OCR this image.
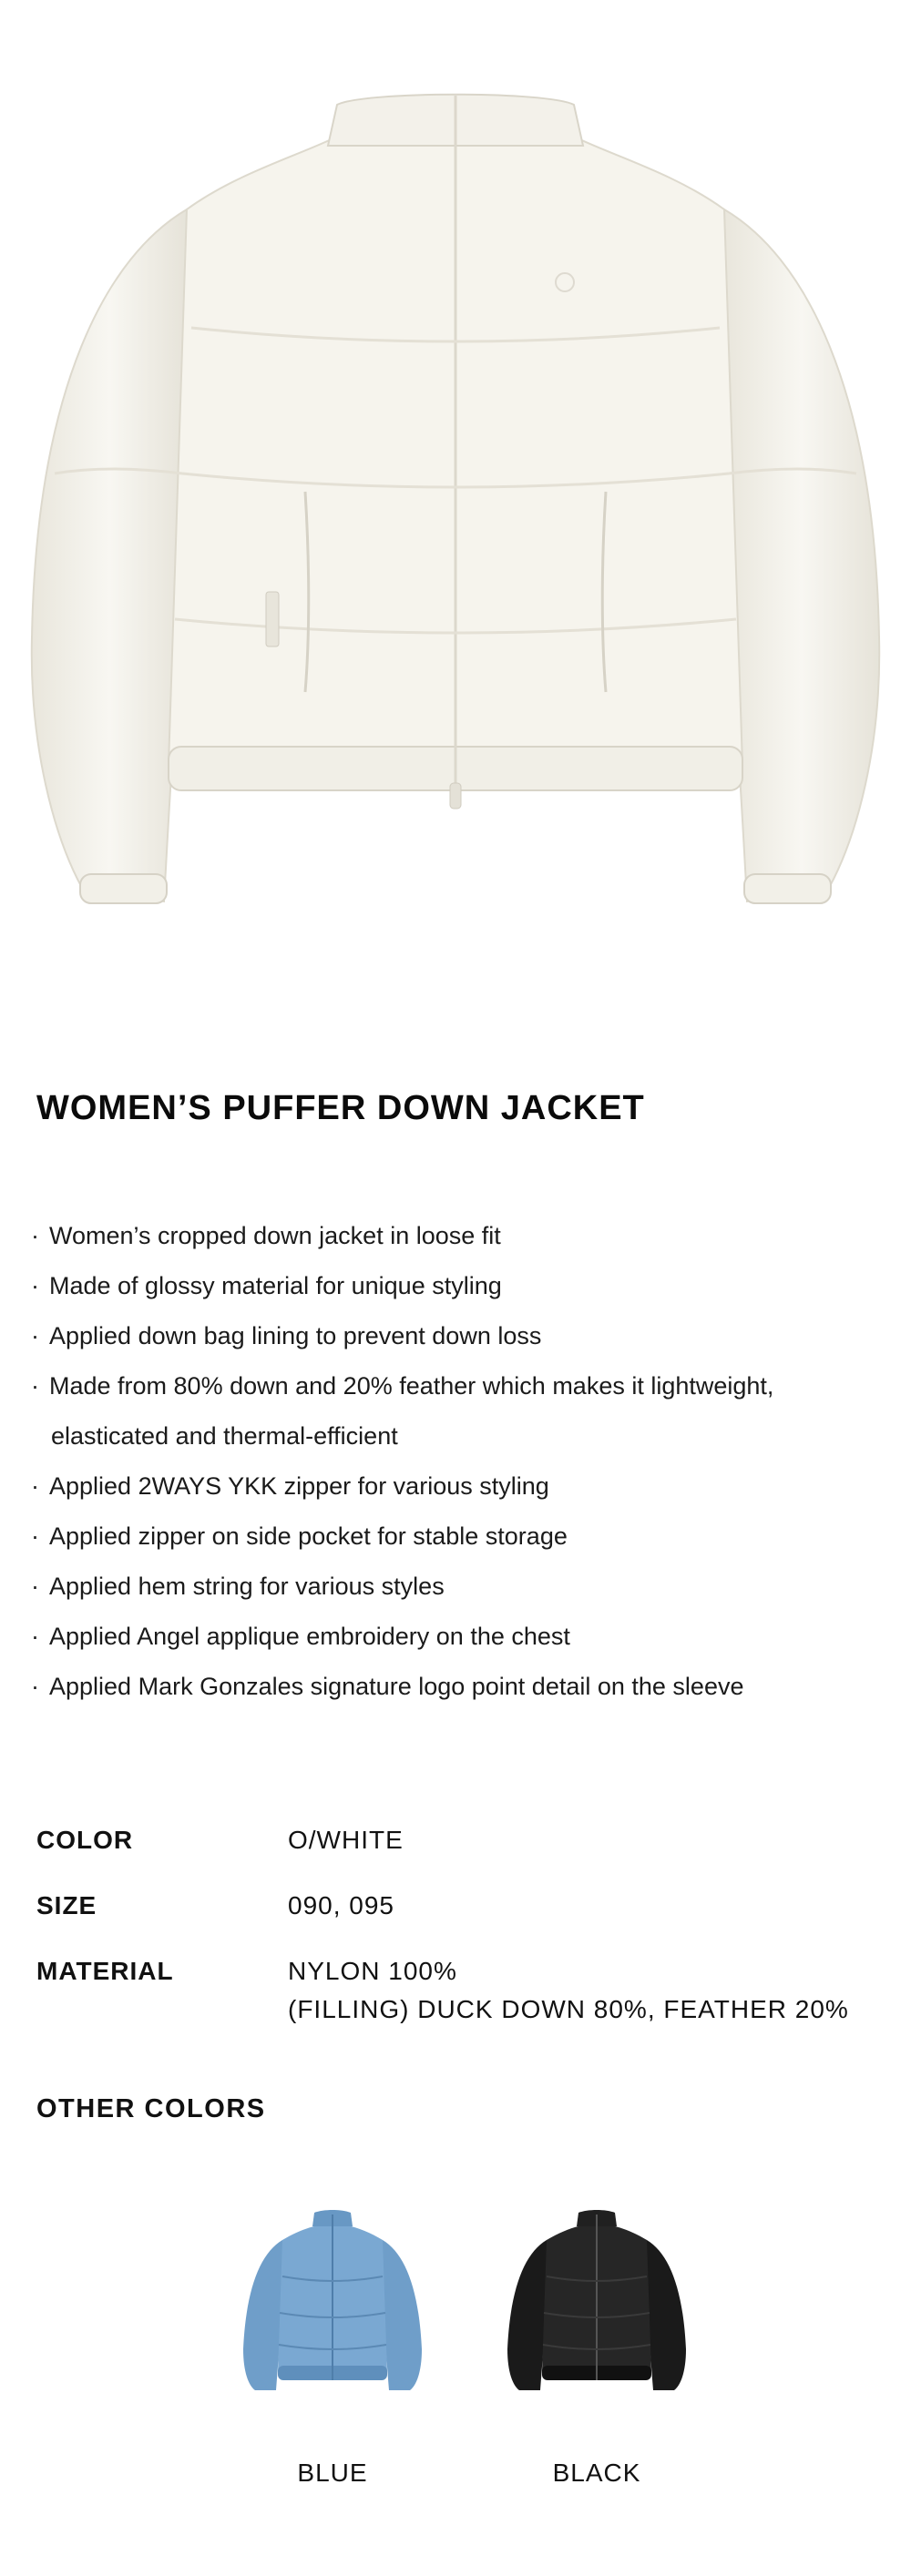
WOMEN’S PUFFER DOWN JACKET
· Women’s cropped down jacket in loose fit
· Made of glossy material for unique styling
· Applied down bag lining to prevent down loss
· Made from 80% down and 20% feather which makes it lightweight,
elasticated and thermal-efficient
· Applied 2WAYS YKK zipper for various styling
· Applied zipper on side pocket for stable storage
· Applied hem string for various styles
· Applied Angel applique embroidery on the chest
· Applied Mark Gonzales signature logo point detail on the sleeve
COLOR	O/WHITE
SIZE	090, 095
MATERIAL	NYLON 100%
(FILLING) DUCK DOWN 80%, FEATHER 20%
OTHER COLORS
BLUE	BLACK
